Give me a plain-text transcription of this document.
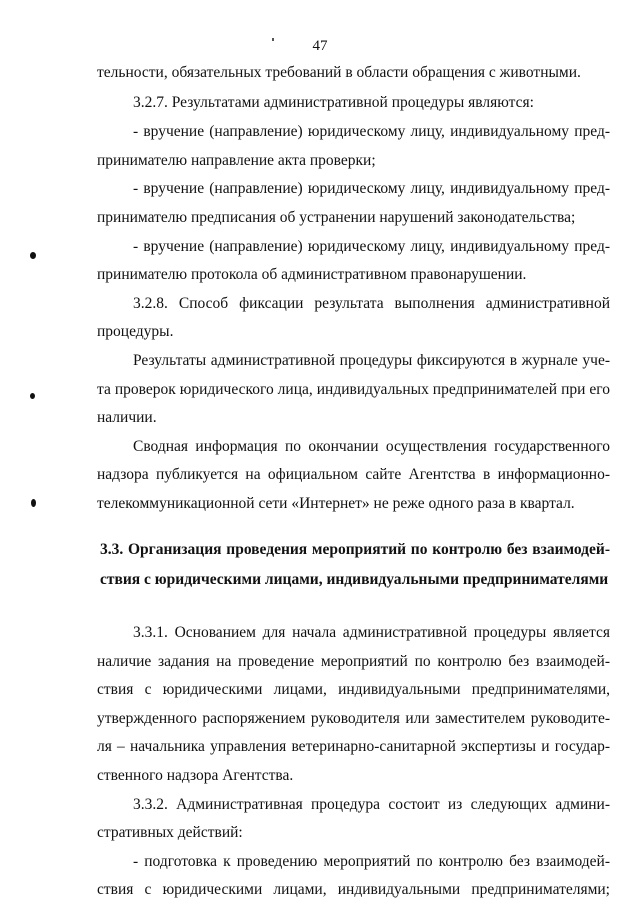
47
тельности, обязательных требований в области обращения с животными.
3.2.7. Результатами административной процедуры являются:
- вручение (направление) юридическому лицу, индивидуальному пред-
принимателю направление акта проверки;
- вручение (направление) юридическому лицу, индивидуальному пред-
принимателю предписания об устранении нарушений законодательства;
- вручение (направление) юридическому лицу, индивидуальному пред-
принимателю протокола об административном правонарушении.
3.2.8. Способ фиксации результата выполнения административной
процедуры.
Результаты административной процедуры фиксируются в журнале уче-
та проверок юридического лица, индивидуальных предпринимателей при его
наличии.
Сводная информация по окончании осуществления государственного
надзора публикуется на официальном сайте Агентства в информационно-
телекоммуникационной сети «Интернет» не реже одного раза в квартал.
3.3. Организация проведения мероприятий по контролю без взаимодей-
ствия с юридическими лицами, индивидуальными предпринимателями
3.3.1. Основанием для начала административной процедуры является
наличие задания на проведение мероприятий по контролю без взаимодей-
ствия с юридическими лицами, индивидуальными предпринимателями,
утвержденного распоряжением руководителя или заместителем руководите-
ля – начальника управления ветеринарно-санитарной экспертизы и государ-
ственного надзора Агентства.
3.3.2. Административная процедура состоит из следующих админи-
стративных действий:
- подготовка к проведению мероприятий по контролю без взаимодей-
ствия с юридическими лицами, индивидуальными предпринимателями;
